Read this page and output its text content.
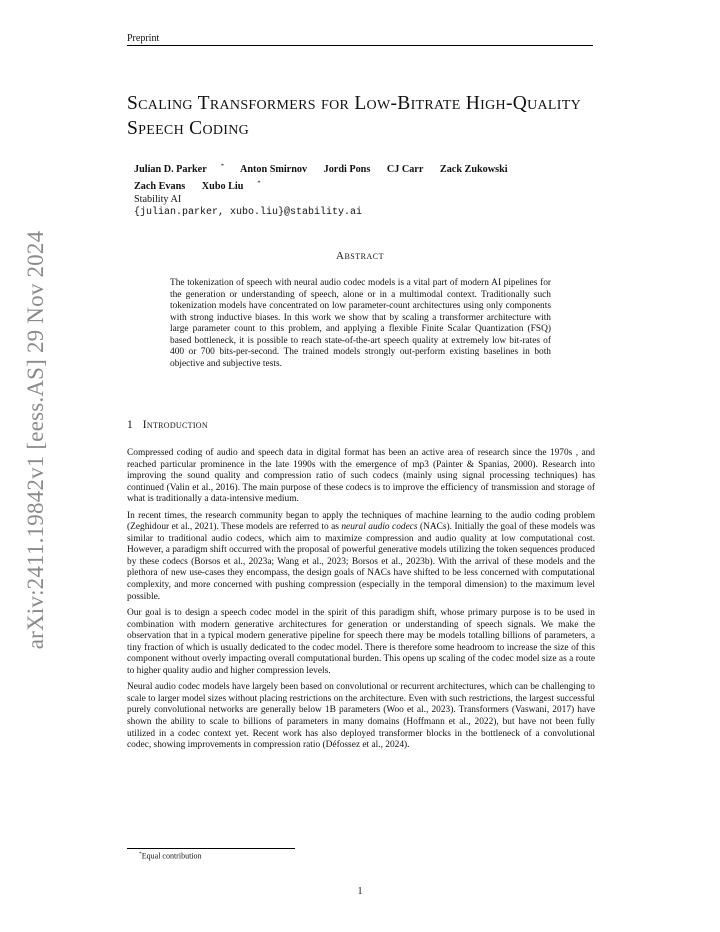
Preprint
arXiv:2411.19842v1 [eess.AS] 29 Nov 2024
Scaling Transformers for Low-Bitrate High-Quality Speech Coding
Julian D. Parker * Anton Smirnov Jordi Pons CJ Carr Zack Zukowski
Zach Evans Xubo Liu *
Stability AI
{julian.parker, xubo.liu}@stability.ai
Abstract
The tokenization of speech with neural audio codec models is a vital part of modern AI pipelines for the generation or understanding of speech, alone or in a multimodal context. Traditionally such tokenization models have concentrated on low parameter-count architectures using only components with strong inductive biases. In this work we show that by scaling a transformer architecture with large parameter count to this problem, and applying a flexible Finite Scalar Quantization (FSQ) based bottleneck, it is possible to reach state-of-the-art speech quality at extremely low bit-rates of 400 or 700 bits-per-second. The trained models strongly out-perform existing baselines in both objective and subjective tests.
1 Introduction

Compressed coding of audio and speech data in digital format has been an active area of research since the 1970s , and reached particular prominence in the late 1990s with the emergence of mp3 (Painter & Spanias, 2000). Research into improving the sound quality and compression ratio of such codecs (mainly using signal processing techniques) has continued (Valin et al., 2016). The main purpose of these codecs is to improve the efficiency of transmission and storage of what is traditionally a data-intensive medium.

In recent times, the research community began to apply the techniques of machine learning to the audio coding problem (Zeghidour et al., 2021). These models are referred to as neural audio codecs (NACs). Initially the goal of these models was similar to traditional audio codecs, which aim to maximize compression and audio quality at low computational cost. However, a paradigm shift occurred with the proposal of powerful generative models utilizing the token sequences produced by these codecs (Borsos et al., 2023a; Wang et al., 2023; Borsos et al., 2023b). With the arrival of these models and the plethora of new use-cases they encompass, the design goals of NACs have shifted to be less concerned with computational complexity, and more concerned with pushing compression (especially in the temporal dimension) to the maximum level possible.

Our goal is to design a speech codec model in the spirit of this paradigm shift, whose primary purpose is to be used in combination with modern generative architectures for generation or understanding of speech signals. We make the observation that in a typical modern generative pipeline for speech there may be models totalling billions of parameters, a tiny fraction of which is usually dedicated to the codec model. There is therefore some headroom to increase the size of this component without overly impacting overall computational burden. This opens up scaling of the codec model size as a route to higher quality audio and higher compression levels.

Neural audio codec models have largely been based on convolutional or recurrent architectures, which can be challenging to scale to larger model sizes without placing restrictions on the architecture. Even with such restrictions, the largest successful purely convolutional networks are generally below 1B parameters (Woo et al., 2023). Transformers (Vaswani, 2017) have shown the ability to scale to billions of parameters in many domains (Hoffmann et al., 2022), but have not been fully utilized in a codec context yet. Recent work has also deployed transformer blocks in the bottleneck of a convolutional codec, showing improvements in compression ratio (Défossez et al., 2024).

*Equal contribution
1
